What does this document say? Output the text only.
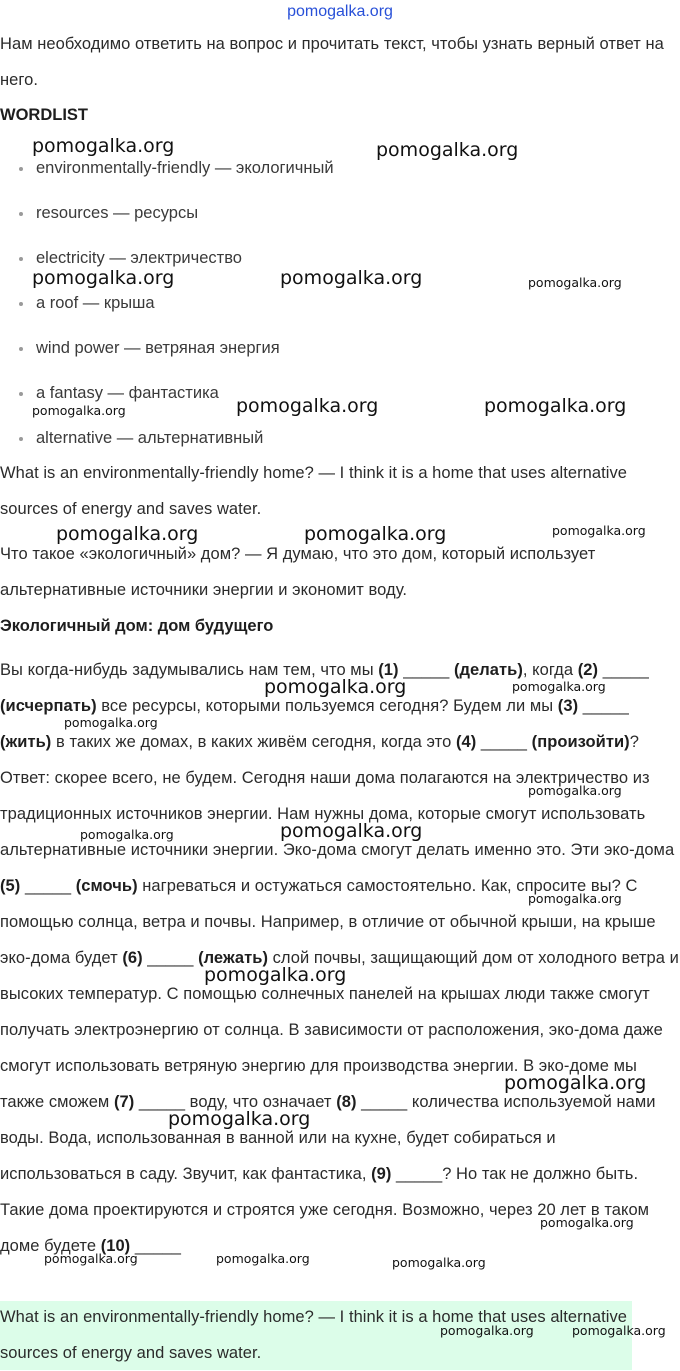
pomogalka.org

Нам необходимо ответить на вопрос и прочитать текст, чтобы узнать верный ответ на него.

WORDLIST
environmentally-friendly — экологичный
resources — ресурсы
electricity — электричество
a roof — крыша
wind power — ветряная энергия
a fantasy — фантастика
alternative — альтернативный

What is an environmentally-friendly home? — I think it is a home that uses alternative sources of energy and saves water.

Что такое «экологичный» дом? — Я думаю, что это дом, который использует альтернативные источники энергии и экономит воду.

Экологичный дом: дом будущего

Вы когда-нибудь задумывались нам тем, что мы (1) _____ (делать), когда (2) _____ (исчерпать) все ресурсы, которыми пользуемся сегодня? Будем ли мы (3) _____ (жить) в таких же домах, в каких живём сегодня, когда это (4) _____ (произойти)? Ответ: скорее всего, не будем. Сегодня наши дома полагаются на электричество из традиционных источников энергии. Нам нужны дома, которые смогут использовать альтернативные источники энергии. Эко-дома смогут делать именно это. Эти эко-дома (5) _____ (смочь) нагреваться и остужаться самостоятельно. Как, спросите вы? С помощью солнца, ветра и почвы. Например, в отличие от обычной крыши, на крыше эко-дома будет (6) _____ (лежать) слой почвы, защищающий дом от холодного ветра и высоких температур. С помощью солнечных панелей на крышах люди также смогут получать электроэнергию от солнца. В зависимости от расположения, эко-дома даже смогут использовать ветряную энергию для производства энергии. В эко-доме мы также сможем (7) _____ воду, что означает (8) _____ количества используемой нами воды. Вода, использованная в ванной или на кухне, будет собираться и использоваться в саду. Звучит, как фантастика, (9) _____? Но так не должно быть. Такие дома проектируются и строятся уже сегодня. Возможно, через 20 лет в таком доме будете (10) _____

What is an environmentally-friendly home? — I think it is a home that uses alternative sources of energy and saves water.

pomogalka.org	pomogalka.org
pomogalka.org	pomogalka.org	pomogalka.org
pomogalka.org	pomogalka.org	pomogalka.org
pomogalka.org	pomogalka.org	pomogalka.org
pomogalka.org	pomogalka.org
pomogalka.org
pomogalka.org
pomogalka.org	pomogalka.org
pomogalka.org
pomogalka.org
pomogalka.org
pomogalka.org
pomogalka.org
pomogalka.org	pomogalka.org	pomogalka.org
pomogalka.org	pomogalka.org
